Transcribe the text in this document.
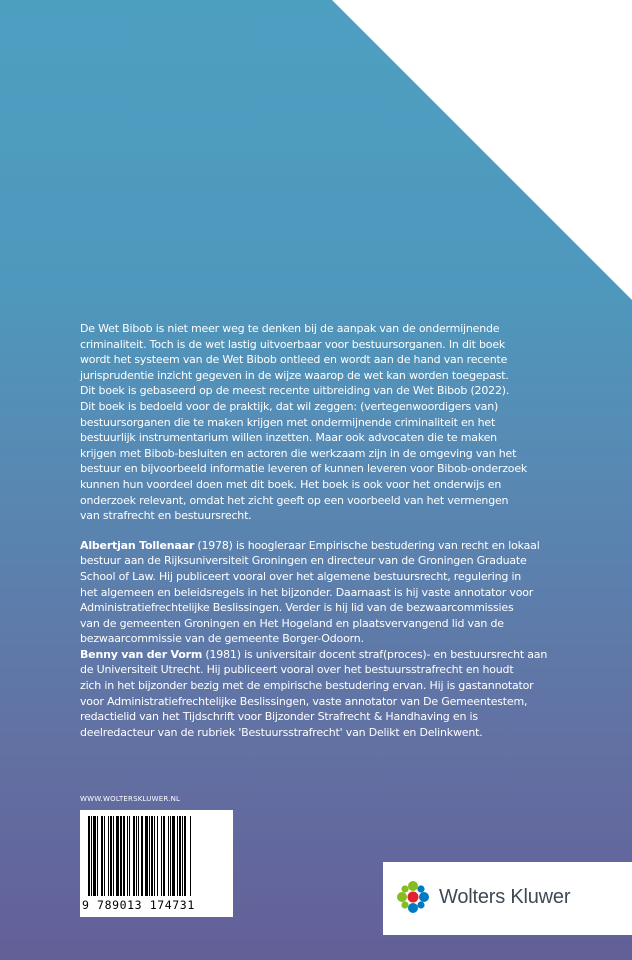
De Wet Bibob is niet meer weg te denken bij de aanpak van de ondermijnende

criminaliteit. Toch is de wet lastig uitvoerbaar voor bestuursorganen. In dit boek

wordt het systeem van de Wet Bibob ontleed en wordt aan de hand van recente

jurisprudentie inzicht gegeven in de wijze waarop de wet kan worden toegepast.

Dit boek is gebaseerd op de meest recente uitbreiding van de Wet Bibob (2022).

Dit boek is bedoeld voor de praktijk, dat wil zeggen: (vertegenwoordigers van)

bestuursorganen die te maken krijgen met ondermijnende criminaliteit en het

bestuurlijk instrumentarium willen inzetten. Maar ook advocaten die te maken

krijgen met Bibob-besluiten en actoren die werkzaam zijn in de omgeving van het

bestuur en bijvoorbeeld informatie leveren of kunnen leveren voor Bibob-onderzoek

kunnen hun voordeel doen met dit boek. Het boek is ook voor het onderwijs en

onderzoek relevant, omdat het zicht geeft op een voorbeeld van het vermengen

van strafrecht en bestuursrecht.

Albertjan Tollenaar (1978) is hoogleraar Empirische bestudering van recht en lokaal

bestuur aan de Rijksuniversiteit Groningen en directeur van de Groningen Graduate

School of Law. Hij publiceert vooral over het algemene bestuursrecht, regulering in

het algemeen en beleidsregels in het bijzonder. Daarnaast is hij vaste annotator voor

Administratiefrechtelijke Beslissingen. Verder is hij lid van de bezwaarcommissies

van de gemeenten Groningen en Het Hogeland en plaatsvervangend lid van de

bezwaarcommissie van de gemeente Borger-Odoorn.

Benny van der Vorm (1981) is universitair docent straf(proces)- en bestuursrecht aan

de Universiteit Utrecht. Hij publiceert vooral over het bestuursstrafrecht en houdt

zich in het bijzonder bezig met de empirische bestudering ervan. Hij is gastannotator

voor Administratiefrechtelijke Beslissingen, vaste annotator van De Gemeentestem,

redactielid van het Tijdschrift voor Bijzonder Strafrecht & Handhaving en is

deelredacteur van de rubriek 'Bestuursstrafrecht' van Delikt en Delinkwent.

WWW.WOLTERSKLUWER.NL
9 789013 174731	Wolters Kluwer
